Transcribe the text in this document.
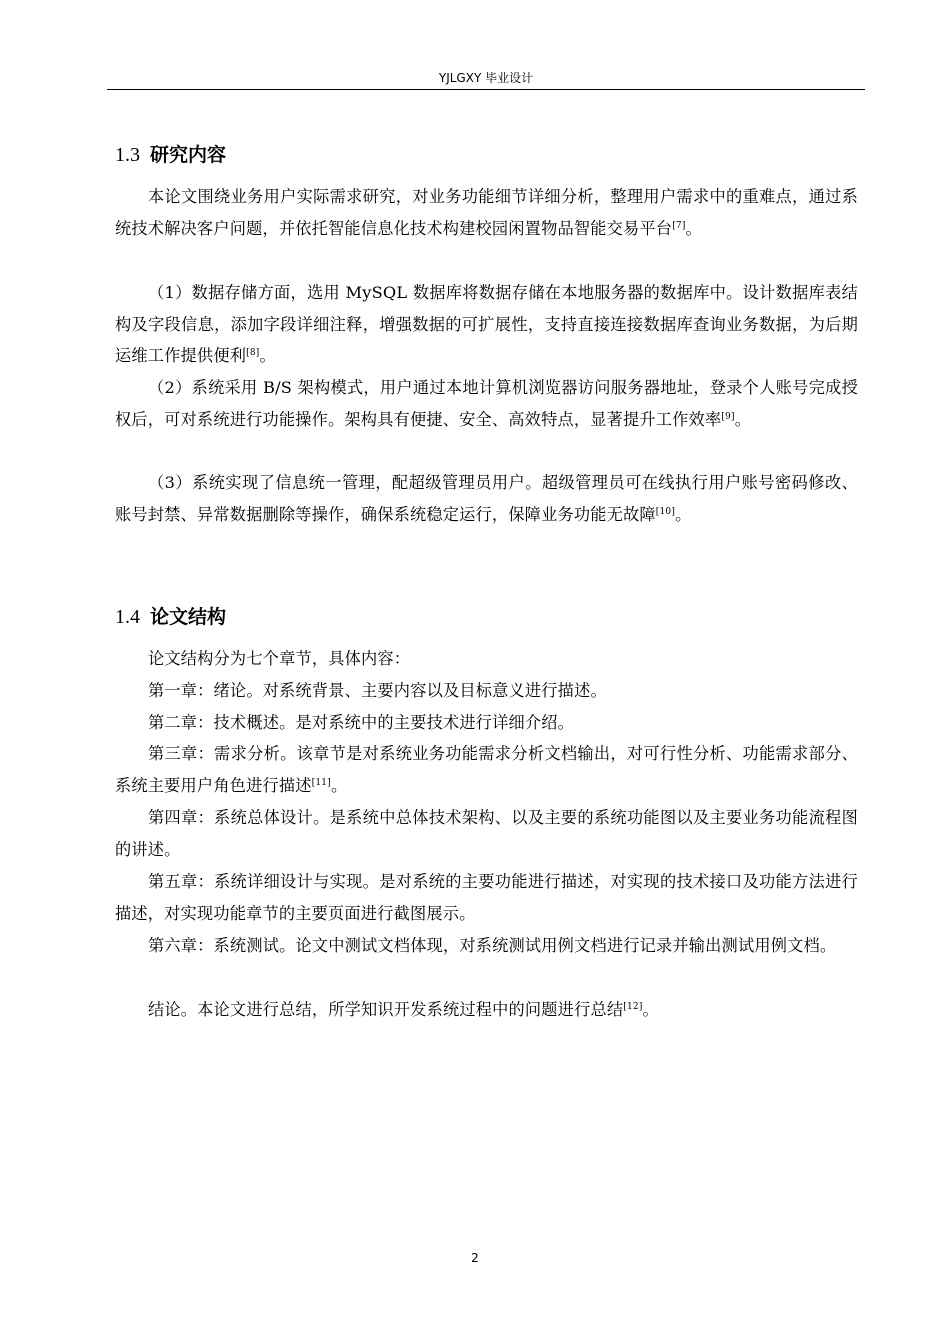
YJLGXY 毕业设计
1.3 研究内容

本论文围绕业务用户实际需求研究，对业务功能细节详细分析，整理用户需求中的重难点，通过系统技术解决客户问题，并依托智能信息化技术构建校园闲置物品智能交易平台[7]。

（1）数据存储方面，选用 MySQL 数据库将数据存储在本地服务器的数据库中。设计数据库表结构及字段信息，添加字段详细注释，增强数据的可扩展性，支持直接连接数据库查询业务数据，为后期运维工作提供便利[8]。

（2）系统采用 B/S 架构模式，用户通过本地计算机浏览器访问服务器地址，登录个人账号完成授权后，可对系统进行功能操作。架构具有便捷、安全、高效特点，显著提升工作效率[9]。

（3）系统实现了信息统一管理，配超级管理员用户。超级管理员可在线执行用户账号密码修改、账号封禁、异常数据删除等操作，确保系统稳定运行，保障业务功能无故障[10]。

1.4 论文结构

论文结构分为七个章节，具体内容：

第一章：绪论。对系统背景、主要内容以及目标意义进行描述。

第二章：技术概述。是对系统中的主要技术进行详细介绍。

第三章：需求分析。该章节是对系统业务功能需求分析文档输出，对可行性分析、功能需求部分、系统主要用户角色进行描述[11]。

第四章：系统总体设计。是系统中总体技术架构、以及主要的系统功能图以及主要业务功能流程图的讲述。

第五章：系统详细设计与实现。是对系统的主要功能进行描述，对实现的技术接口及功能方法进行描述，对实现功能章节的主要页面进行截图展示。

第六章：系统测试。论文中测试文档体现，对系统测试用例文档进行记录并输出测试用例文档。

结论。本论文进行总结，所学知识开发系统过程中的问题进行总结[12]。

2
